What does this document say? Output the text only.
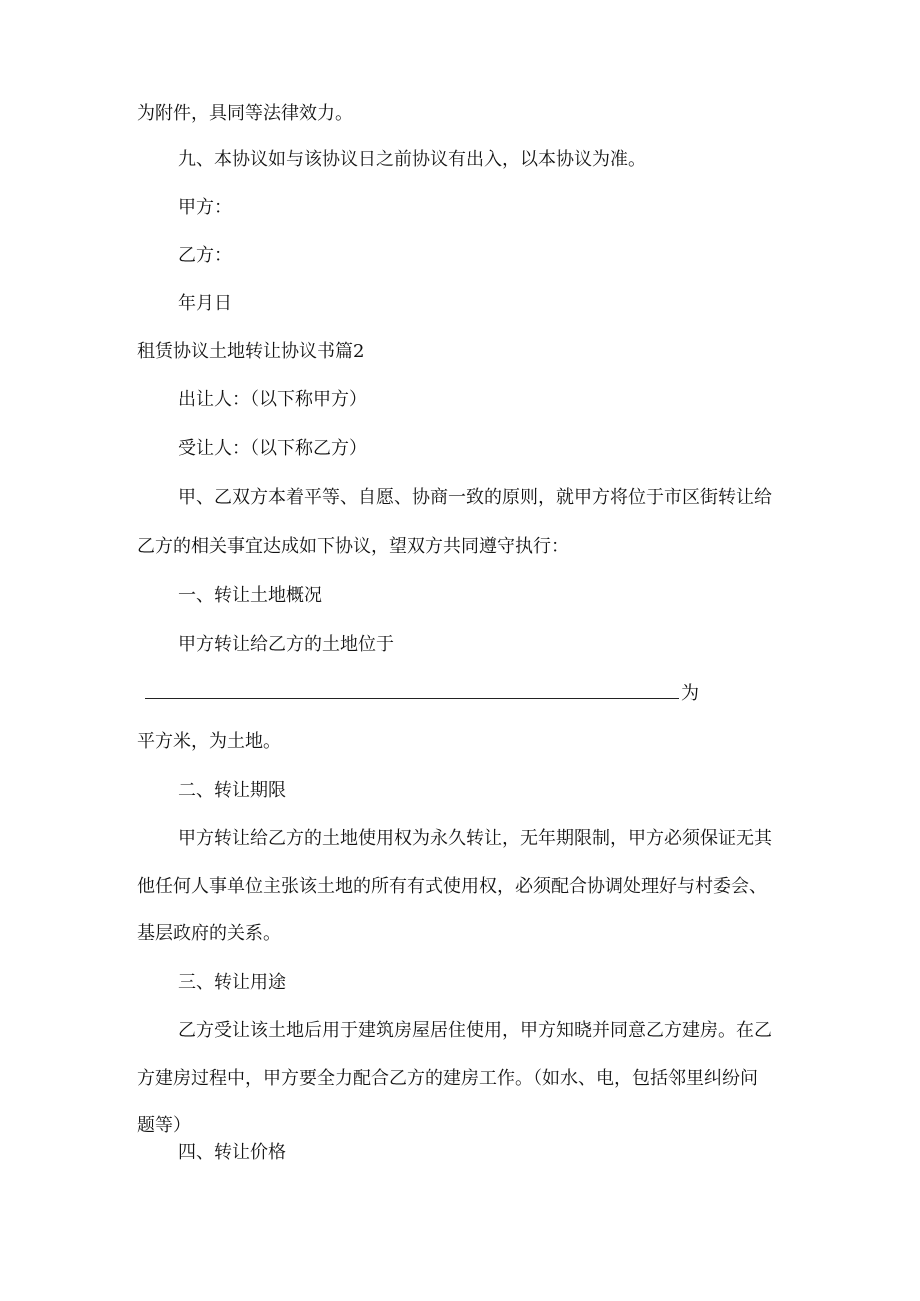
为附件，具同等法律效力。
九、本协议如与该协议日之前协议有出入，以本协议为准。
甲方：
乙方：
年月日
租赁协议土地转让协议书篇2
出让人：（以下称甲方）
受让人：（以下称乙方）
甲、乙双方本着平等、自愿、协商一致的原则，就甲方将位于市区街转让给
乙方的相关事宜达成如下协议，望双方共同遵守执行：
一、转让土地概况
甲方转让给乙方的土地位于
为
平方米，为土地。
二、转让期限
甲方转让给乙方的土地使用权为永久转让，无年期限制，甲方必须保证无其
他任何人事单位主张该土地的所有有式使用权，必须配合协调处理好与村委会、
基层政府的关系。
三、转让用途
乙方受让该土地后用于建筑房屋居住使用，甲方知晓并同意乙方建房。在乙
方建房过程中，甲方要全力配合乙方的建房工作。（如水、电，包括邻里纠纷问
题等）
四、转让价格
